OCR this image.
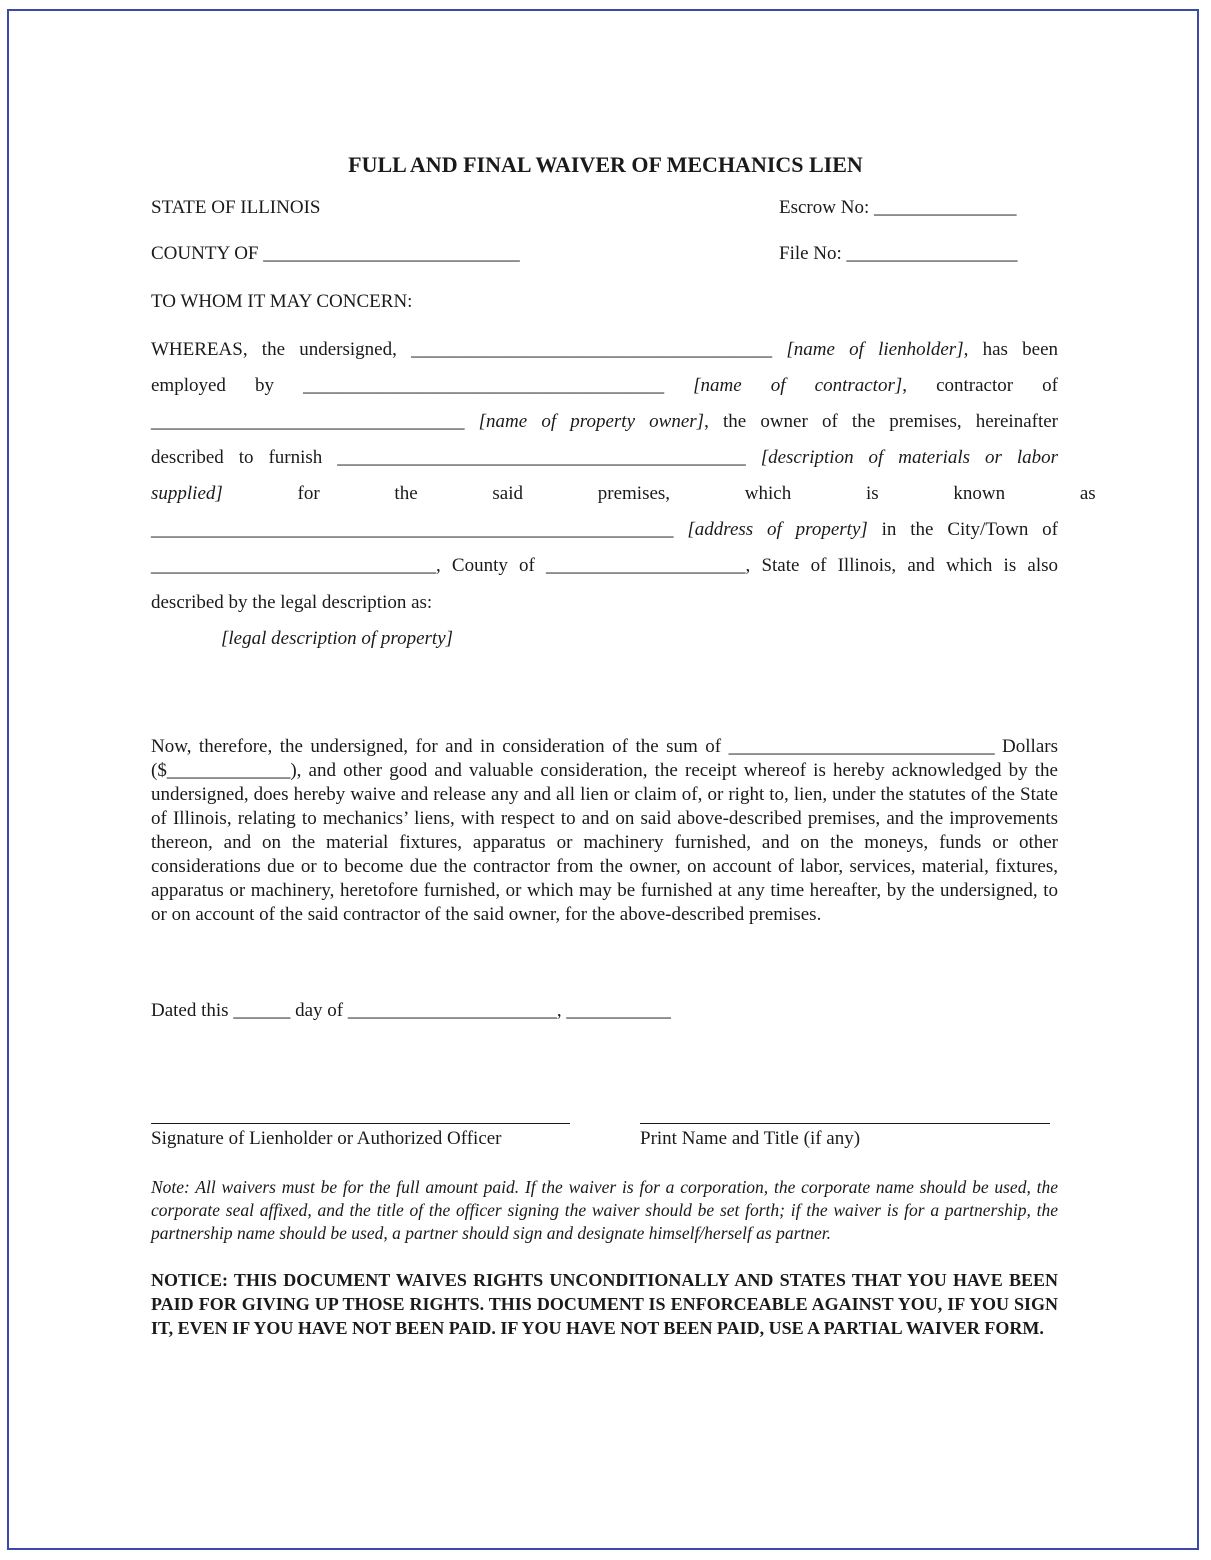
FULL AND FINAL WAIVER OF MECHANICS LIEN
STATE OF ILLINOIS	Escrow No: _______________
COUNTY OF ___________________________	File No: __________________
TO WHOM IT MAY CONCERN:
WHEREAS, the undersigned, ______________________________________ [name of lienholder], has been
employed by ______________________________________ [name of contractor], contractor of
_________________________________ [name of property owner], the owner of the premises, hereinafter
described to furnish ___________________________________________ [description of materials or labor
supplied]	for the said premises, which is known as
_______________________________________________________ [address of property] in the City/Town of
______________________________, County of _____________________, State of Illinois, and which is also
described by the legal description as:
[legal description of property]
Now, therefore, the undersigned, for and in consideration of the sum of ____________________________ Dollars ($_____________), and other good and valuable consideration, the receipt whereof is hereby acknowledged by the undersigned, does hereby waive and release any and all lien or claim of, or right to, lien, under the statutes of the State of Illinois, relating to mechanics’ liens, with respect to and on said above-described premises, and the improvements thereon, and on the material fixtures, apparatus or machinery furnished, and on the moneys, funds or other considerations due or to become due the contractor from the owner, on account of labor, services, material, fixtures, apparatus or machinery, heretofore furnished, or which may be furnished at any time hereafter, by the undersigned, to or on account of the said contractor of the said owner, for the above-described premises.
Dated this ______ day of ______________________, ___________
Signature of Lienholder or Authorized Officer	Print Name and Title (if any)
Note: All waivers must be for the full amount paid. If the waiver is for a corporation, the corporate name should be used, the corporate seal affixed, and the title of the officer signing the waiver should be set forth; if the waiver is for a partnership, the partnership name should be used, a partner should sign and designate himself/herself as partner.
NOTICE: THIS DOCUMENT WAIVES RIGHTS UNCONDITIONALLY AND STATES THAT YOU HAVE BEEN PAID FOR GIVING UP THOSE RIGHTS. THIS DOCUMENT IS ENFORCEABLE AGAINST YOU, IF YOU SIGN IT, EVEN IF YOU HAVE NOT BEEN PAID. IF YOU HAVE NOT BEEN PAID, USE A PARTIAL WAIVER FORM.
